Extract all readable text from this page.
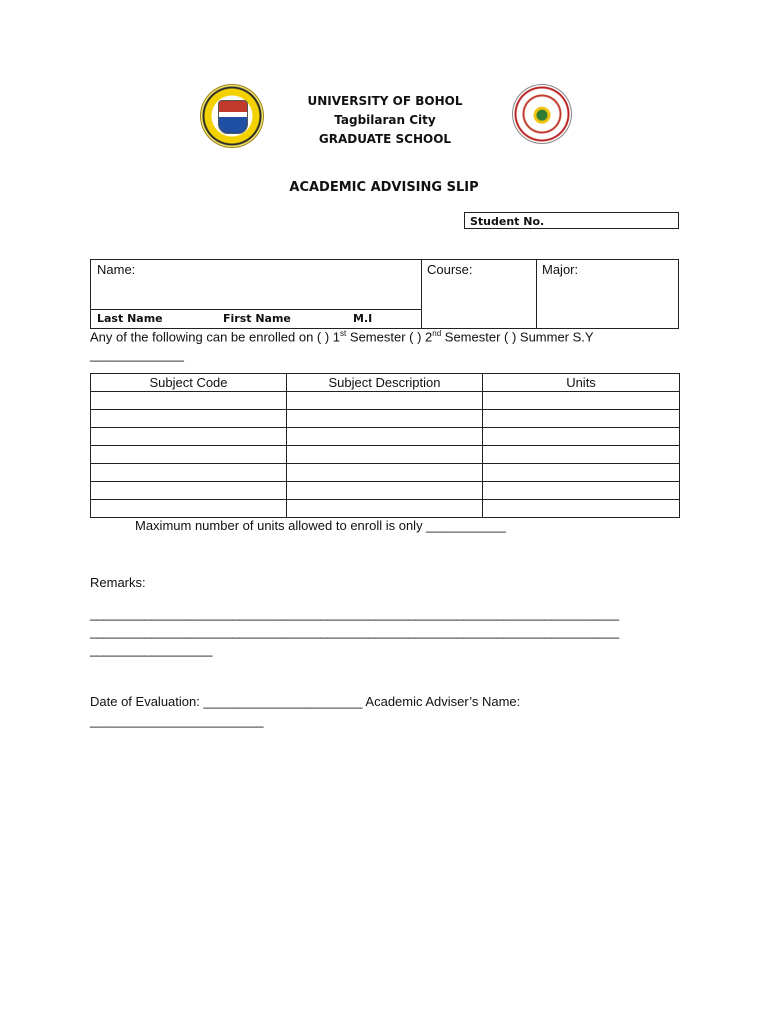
UNIVERSITY OF BOHOL
Tagbilaran City
GRADUATE SCHOOL
ACADEMIC ADVISING SLIP
Student No.
Name:
Last Name	First Name	M.I
Course:	Major:
Any of the following can be enrolled on ( ) 1st Semester ( ) 2nd Semester ( ) Summer S.Y
_____________
Subject Code	Subject Description	Units

Maximum number of units allowed to enroll is only ___________
Remarks:
______________________________________________________________________________
______________________________________________________________________________
__________________
Date of Evaluation: ______________________ Academic Adviser’s Name:
________________________
